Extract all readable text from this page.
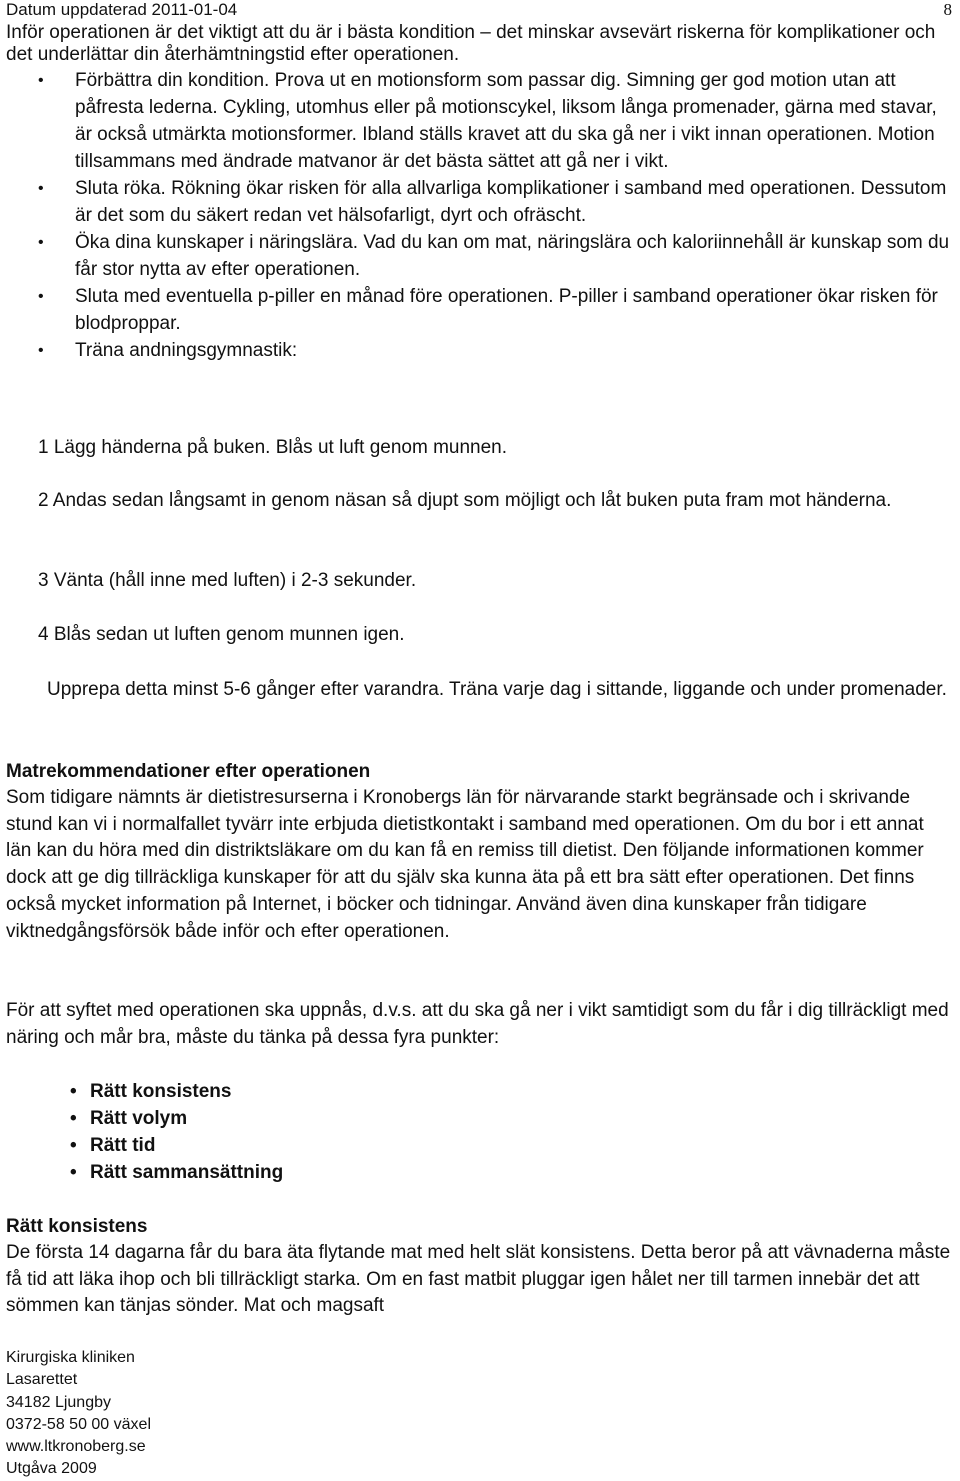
Datum uppdaterad 2011-01-04	8

Inför operationen är det viktigt att du är i bästa kondition – det minskar avsevärt riskerna för komplikationer och det underlättar din återhämtningstid efter operationen.

• Förbättra din kondition. Prova ut en motionsform som passar dig. Simning ger god motion utan att påfresta lederna. Cykling, utomhus eller på motionscykel, liksom långa promenader, gärna med stavar, är också utmärkta motionsformer. Ibland ställs kravet att du ska gå ner i vikt innan operationen. Motion tillsammans med ändrade matvanor är det bästa sättet att gå ner i vikt.
• Sluta röka. Rökning ökar risken för alla allvarliga komplikationer i samband med operationen. Dessutom är det som du säkert redan vet hälsofarligt, dyrt och ofräscht.
• Öka dina kunskaper i näringslära. Vad du kan om mat, näringslära och kaloriinnehåll är kunskap som du får stor nytta av efter operationen.
• Sluta med eventuella p-piller en månad före operationen. P-piller i samband operationer ökar risken för blodproppar.
• Träna andningsgymnastik:

1 Lägg händerna på buken. Blås ut luft genom munnen.

2 Andas sedan långsamt in genom näsan så djupt som möjligt och låt buken puta fram mot händerna.

3 Vänta (håll inne med luften) i 2-3 sekunder.

4 Blås sedan ut luften genom munnen igen.

Upprepa detta minst 5-6 gånger efter varandra. Träna varje dag i sittande, liggande och under promenader.

Matrekommendationer efter operationen

Som tidigare nämnts är dietistresurserna i Kronobergs län för närvarande starkt begränsade och i skrivande stund kan vi i normalfallet tyvärr inte erbjuda dietistkontakt i samband med operationen. Om du bor i ett annat län kan du höra med din distriktsläkare om du kan få en remiss till dietist. Den följande informationen kommer dock att ge dig tillräckliga kunskaper för att du själv ska kunna äta på ett bra sätt efter operationen. Det finns också mycket information på Internet, i böcker och tidningar. Använd även dina kunskaper från tidigare viktnedgångsförsök både inför och efter operationen.

För att syftet med operationen ska uppnås, d.v.s. att du ska gå ner i vikt samtidigt som du får i dig tillräckligt med näring och mår bra, måste du tänka på dessa fyra punkter:

• Rätt konsistens
• Rätt volym
• Rätt tid
• Rätt sammansättning
Rätt konsistens

De första 14 dagarna får du bara äta flytande mat med helt slät konsistens. Detta beror på att vävnaderna måste få tid att läka ihop och bli tillräckligt starka. Om en fast matbit pluggar igen hålet ner till tarmen innebär det att sömmen kan tänjas sönder. Mat och magsaft

Kirurgiska kliniken
Lasarettet
34182 Ljungby
0372-58 50 00 växel
www.ltkronoberg.se
Utgåva 2009
